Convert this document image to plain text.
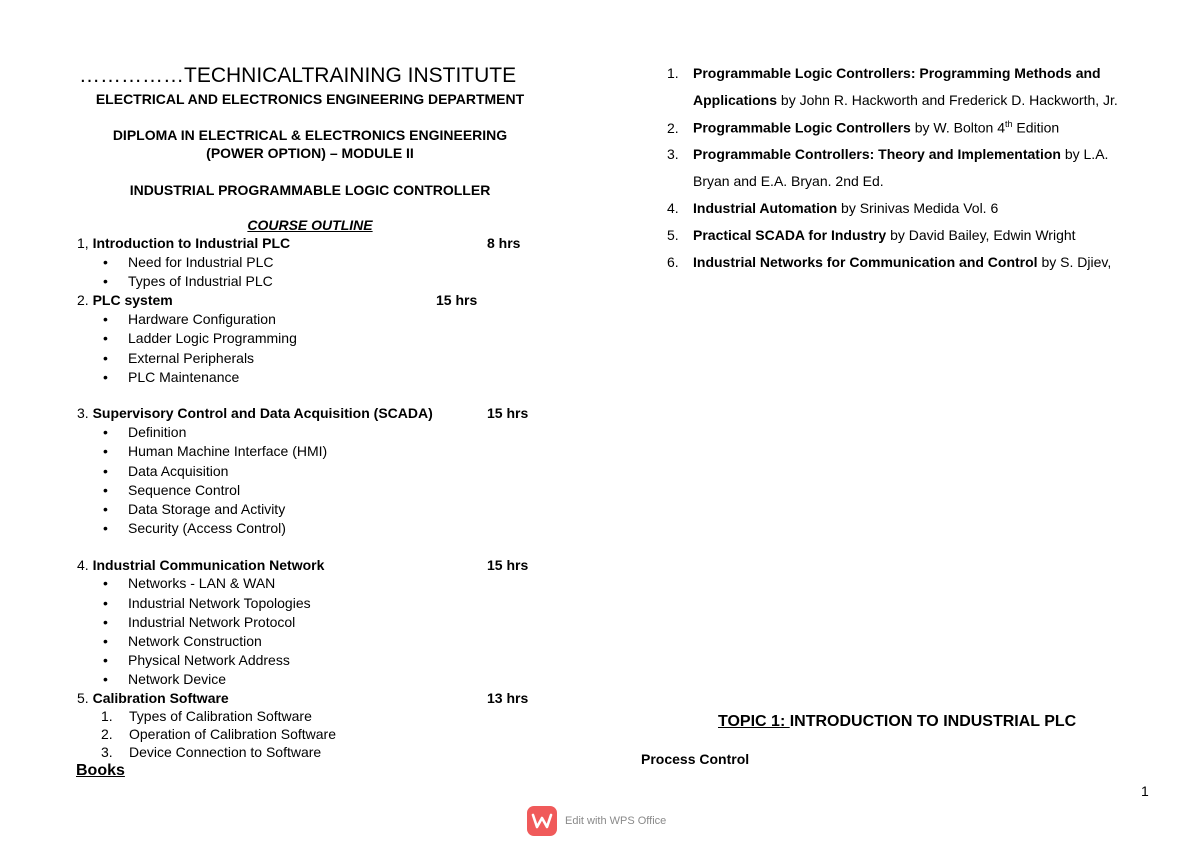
……………TECHNICALTRAINING INSTITUTE
ELECTRICAL AND ELECTRONICS ENGINEERING DEPARTMENT
DIPLOMA IN ELECTRICAL & ELECTRONICS ENGINEERING
(POWER OPTION) – MODULE II
INDUSTRIAL PROGRAMMABLE LOGIC CONTROLLER
COURSE OUTLINE
1, Introduction to Industrial PLC	8 hrs
• Need for Industrial PLC
• Types of Industrial PLC
2. PLC system	15 hrs
• Hardware Configuration
• Ladder Logic Programming
• External Peripherals
• PLC Maintenance
3. Supervisory Control and Data Acquisition (SCADA)	15 hrs
• Definition
• Human Machine Interface (HMI)
• Data Acquisition
• Sequence Control
• Data Storage and Activity
• Security (Access Control)
4. Industrial Communication Network	15 hrs
• Networks - LAN & WAN
• Industrial Network Topologies
• Industrial Network Protocol
• Network Construction
• Physical Network Address
• Network Device
5. Calibration Software	13 hrs
1. Types of Calibration Software
2. Operation of Calibration Software
3. Device Connection to Software
Books
1. Programmable Logic Controllers: Programming Methods and
Applications by John R. Hackworth and Frederick D. Hackworth, Jr.
2. Programmable Logic Controllers by W. Bolton 4th Edition
3. Programmable Controllers: Theory and Implementation by L.A.
Bryan and E.A. Bryan. 2nd Ed.
4. Industrial Automation by Srinivas Medida Vol. 6
5. Practical SCADA for Industry by David Bailey, Edwin Wright
6. Industrial Networks for Communication and Control by S. Djiev,
TOPIC 1: INTRODUCTION TO INDUSTRIAL PLC
Process Control
1
Edit with WPS Office
